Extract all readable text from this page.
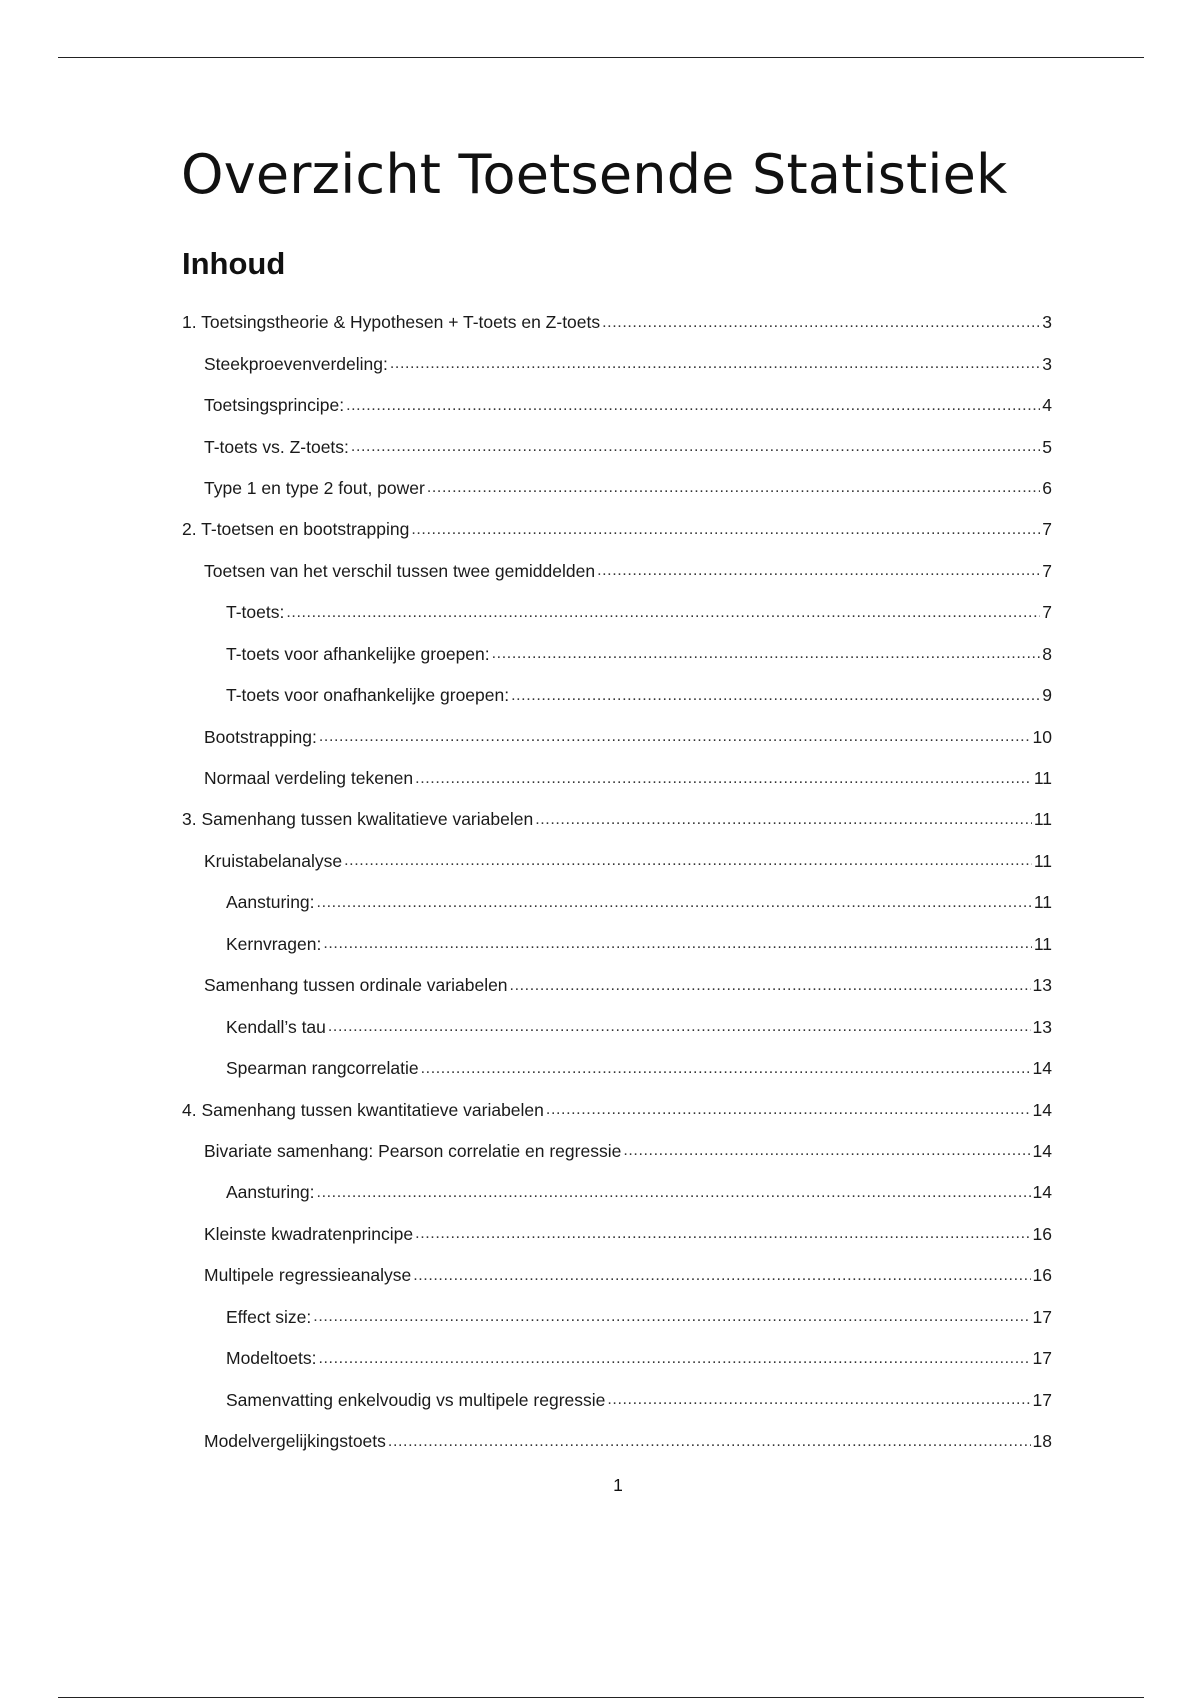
Overzicht Toetsende Statistiek
Inhoud
1. Toetsingstheorie & Hypothesen + T-toets en Z-toets .....	3
Steekproevenverdeling: .....	3
Toetsingsprincipe: .....	4
T-toets vs. Z-toets: .....	5
Type 1 en type 2 fout, power .....	6
2. T-toetsen en bootstrapping .....	7
Toetsen van het verschil tussen twee gemiddelden .....	7
T-toets: .....	7
T-toets voor afhankelijke groepen: .....	8
T-toets voor onafhankelijke groepen: .....	9
Bootstrapping: .....	10
Normaal verdeling tekenen .....	11
3. Samenhang tussen kwalitatieve variabelen .....	11
Kruistabelanalyse .....	11
Aansturing: .....	11
Kernvragen: .....	11
Samenhang tussen ordinale variabelen .....	13
Kendall’s tau .....	13
Spearman rangcorrelatie .....	14
4. Samenhang tussen kwantitatieve variabelen .....	14
Bivariate samenhang: Pearson correlatie en regressie .....	14
Aansturing: .....	14
Kleinste kwadratenprincipe .....	16
Multipele regressieanalyse .....	16
Effect size: .....	17
Modeltoets: .....	17
Samenvatting enkelvoudig vs multipele regressie .....	17
Modelvergelijkingstoets .....	18
1
